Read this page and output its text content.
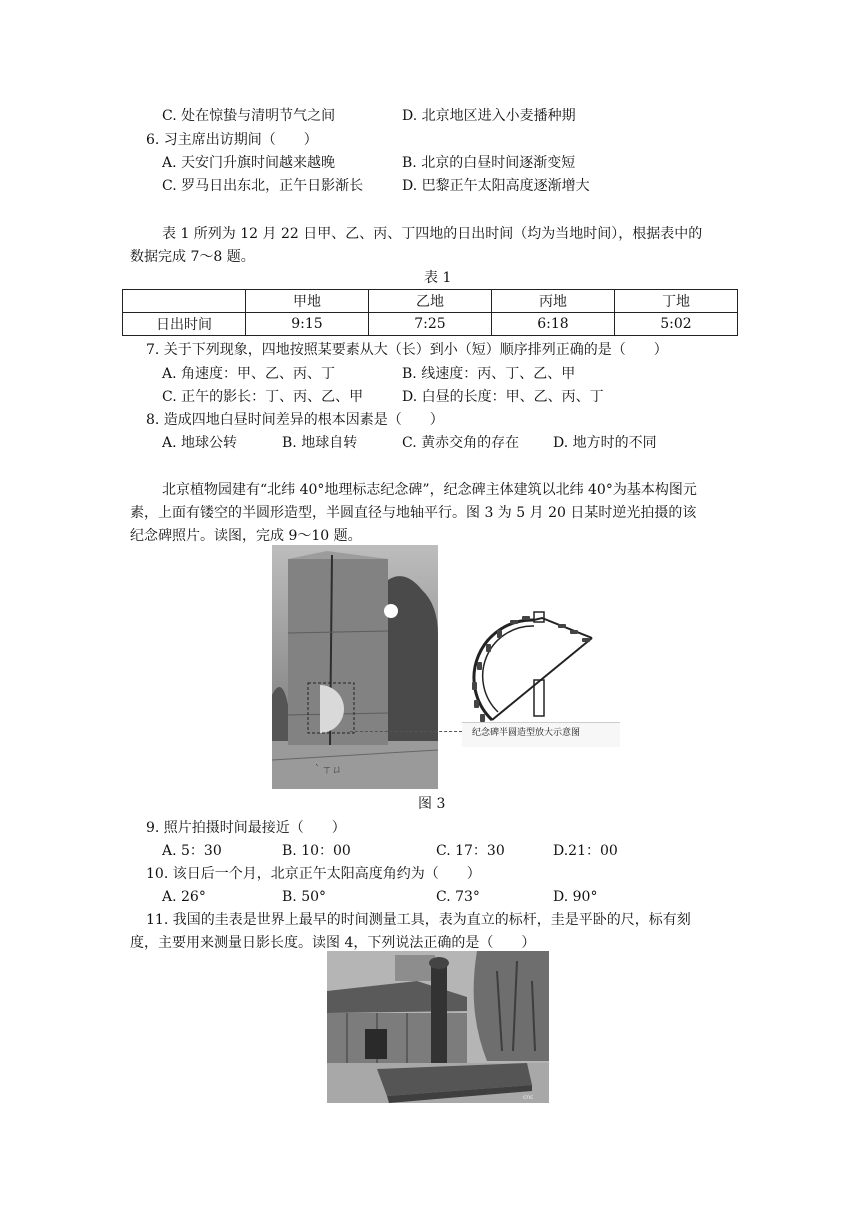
C. 处在惊蛰与清明节气之间	D. 北京地区进入小麦播种期
6. 习主席出访期间（　　）
A. 天安门升旗时间越来越晚	B. 北京的白昼时间逐渐变短
C. 罗马日出东北，正午日影渐长	D. 巴黎正午太阳高度逐渐增大
表 1 所列为 12 月 22 日甲、乙、丙、丁四地的日出时间（均为当地时间），根据表中的
数据完成 7～8 题。
表 1
	甲地	乙地	丙地	丁地
日出时间	9:15	7:25	6:18	5:02
7. 关于下列现象，四地按照某要素从大（长）到小（短）顺序排列正确的是（　　）
A. 角速度：甲、乙、丙、丁	B. 线速度：丙、丁、乙、甲
C. 正午的影长：丁、丙、乙、甲	D. 白昼的长度：甲、乙、丙、丁
8. 造成四地白昼时间差异的根本因素是（　　）
A. 地球公转	B. 地球自转	C. 黄赤交角的存在 D. 地方时的不同
北京植物园建有“北纬 40°地理标志纪念碑”，纪念碑主体建筑以北纬 40°为基本构图元
素，上面有镂空的半圆形造型，半圆直径与地轴平行。图 3 为 5 月 20 日某时逆光拍摄的该
纪念碑照片。读图，完成 9～10 题。
｀ㄒㄩ
纪念碑半圆造型放大示意图
图 3
9. 照片拍摄时间最接近（　　）
A. 5：30	B. 10：00	C. 17：30	D.21：00
10. 该日后一个月，北京正午太阳高度角约为（　　）
A. 26°	B. 50°	C. 73°	D. 90°
11. 我国的圭表是世界上最早的时间测量工具，表为直立的标杆，圭是平卧的尺，标有刻
度，主要用来测量日影长度。读图 4，下列说法正确的是（　　）
cnc
